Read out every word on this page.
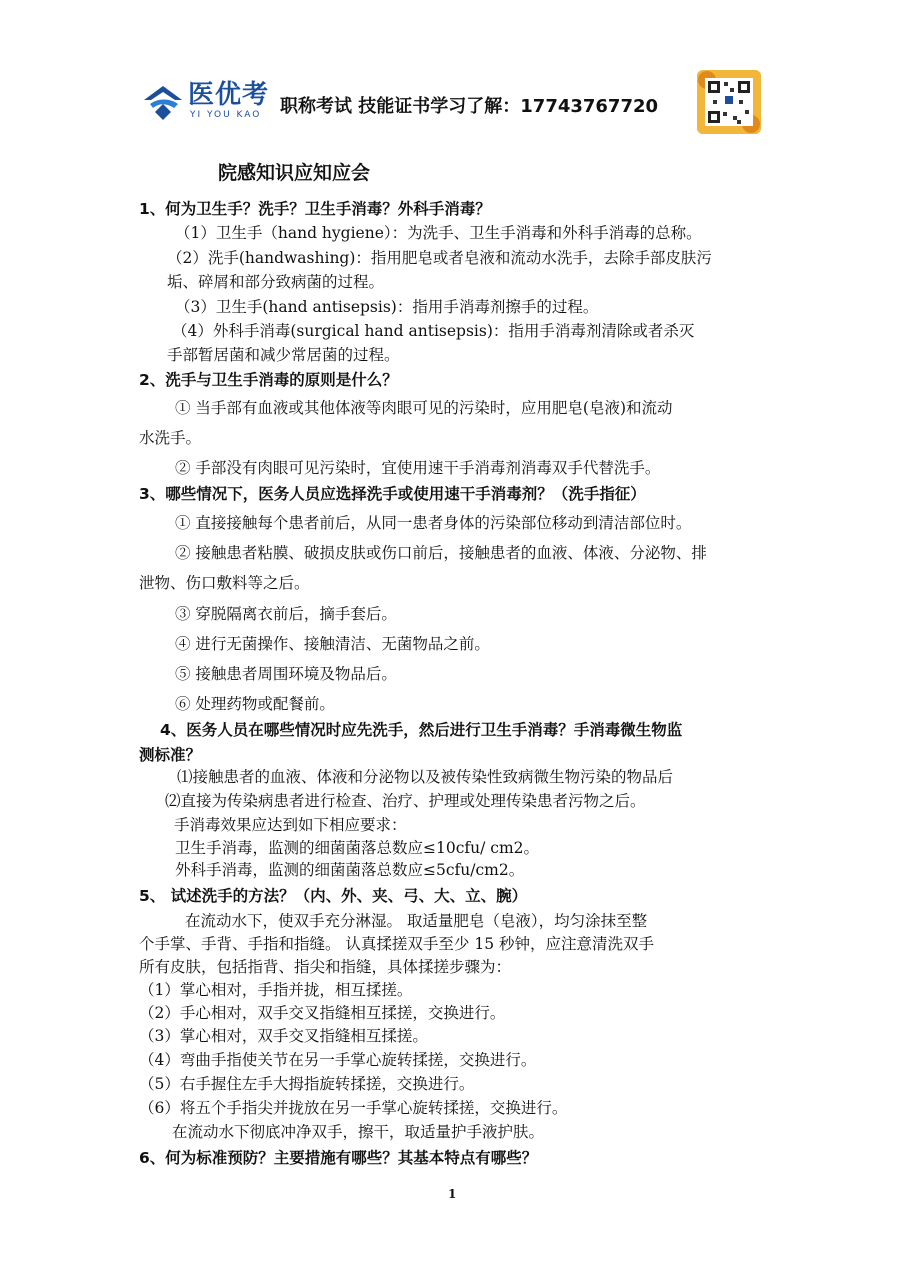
医优考
YI YOU KAO 职称考试 技能证书学习了解：17743767720
院感知识应知应会
1、何为卫生手？洗手？卫生手消毒？外科手消毒？
（1）卫生手（hand hygiene）：为洗手、卫生手消毒和外科手消毒的总称。
（2）洗手(handwashing)：指用肥皂或者皂液和流动水洗手，去除手部皮肤污
垢、碎屑和部分致病菌的过程。
（3）卫生手(hand antisepsis)：指用手消毒剂擦手的过程。
（4）外科手消毒(surgical hand antisepsis)：指用手消毒剂清除或者杀灭
手部暂居菌和减少常居菌的过程。
2、洗手与卫生手消毒的原则是什么？
① 当手部有血液或其他体液等肉眼可见的污染时，应用肥皂(皂液)和流动
水洗手。
② 手部没有肉眼可见污染时，宜使用速干手消毒剂消毒双手代替洗手。
3、哪些情况下，医务人员应选择洗手或使用速干手消毒剂？（洗手指征）
① 直接接触每个患者前后，从同一患者身体的污染部位移动到清洁部位时。
② 接触患者粘膜、破损皮肤或伤口前后，接触患者的血液、体液、分泌物、排
泄物、伤口敷料等之后。
③ 穿脱隔离衣前后，摘手套后。
④ 进行无菌操作、接触清洁、无菌物品之前。
⑤ 接触患者周围环境及物品后。
⑥ 处理药物或配餐前。
4、医务人员在哪些情况时应先洗手，然后进行卫生手消毒？手消毒微生物监
测标准？
⑴接触患者的血液、体液和分泌物以及被传染性致病微生物污染的物品后
⑵直接为传染病患者进行检查、治疗、护理或处理传染患者污物之后。
手消毒效果应达到如下相应要求：
卫生手消毒，监测的细菌菌落总数应≤10cfu/ cm2。
外科手消毒，监测的细菌菌落总数应≤5cfu/cm2。
5、 试述洗手的方法？（内、外、夹、弓、大、立、腕）
在流动水下，使双手充分淋湿。 取适量肥皂（皂液），均匀涂抹至整
个手掌、手背、手指和指缝。 认真揉搓双手至少 15 秒钟，应注意清洗双手
所有皮肤，包括指背、指尖和指缝，具体揉搓步骤为：
（1）掌心相对，手指并拢，相互揉搓。
（2）手心相对，双手交叉指缝相互揉搓，交换进行。
（3）掌心相对，双手交叉指缝相互揉搓。
（4）弯曲手指使关节在另一手掌心旋转揉搓，交换进行。
（5）右手握住左手大拇指旋转揉搓，交换进行。
（6）将五个手指尖并拢放在另一手掌心旋转揉搓，交换进行。
在流动水下彻底冲净双手，擦干，取适量护手液护肤。
6、何为标准预防？主要措施有哪些？其基本特点有哪些？
1
